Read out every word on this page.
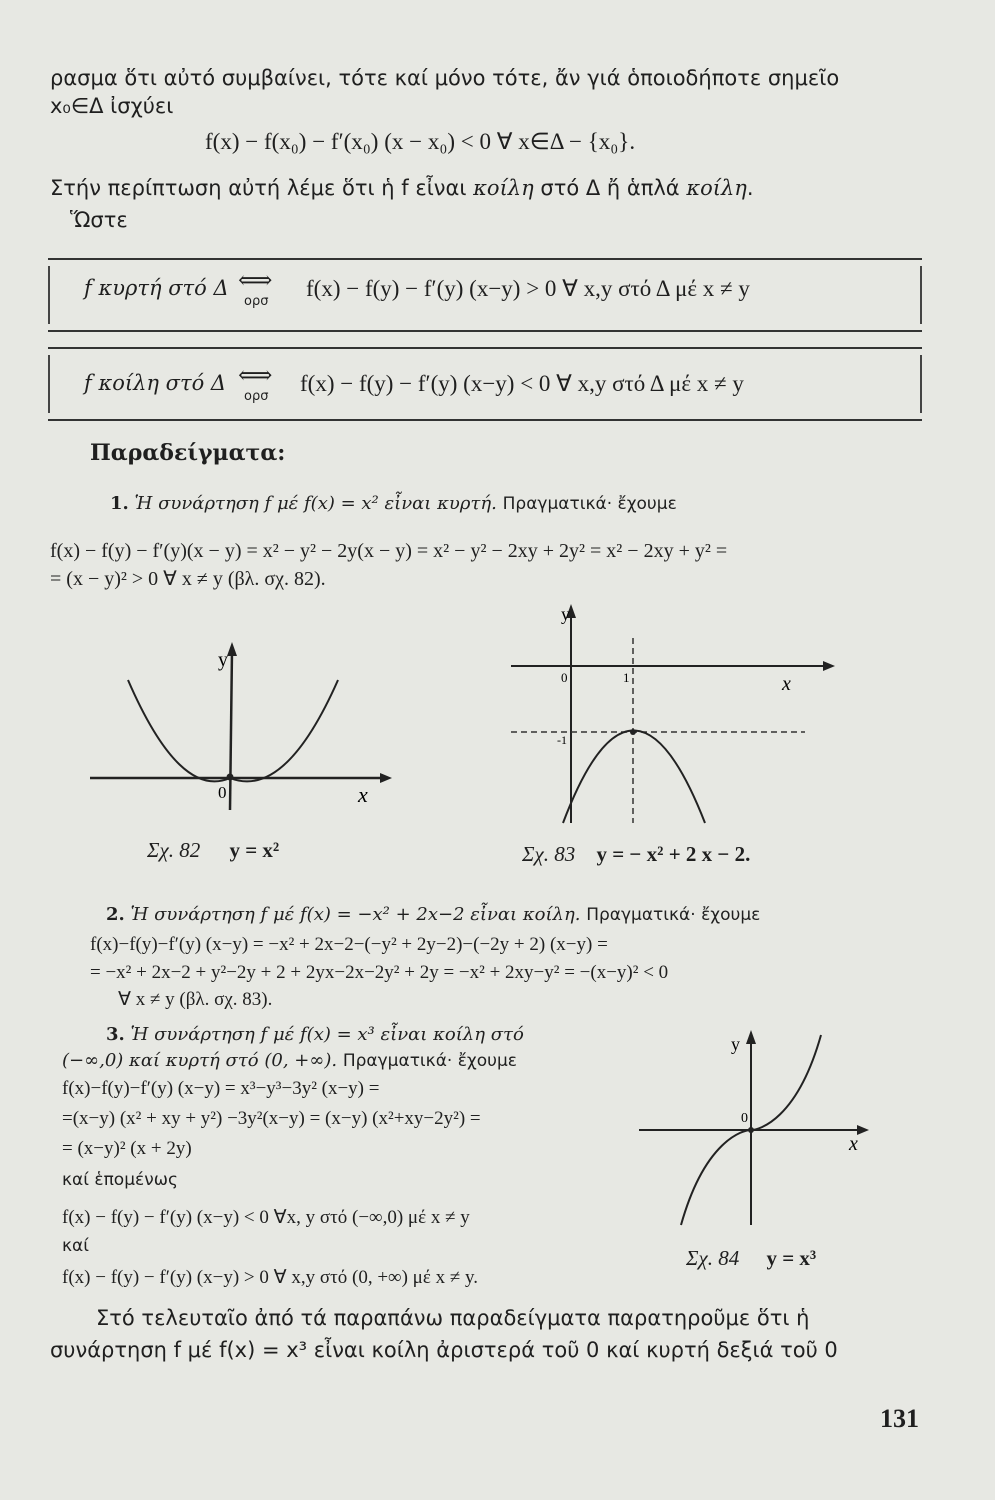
ρασμα ὅτι αὐτό συμβαίνει, τότε καί μόνο τότε, ἄν γιά ὁποιοδήποτε σημεῖο
x₀∈Δ ἰσχύει
f(x) − f(x₀) − f′(x₀) (x − x₀) < 0 ∀ x∈Δ − {x₀}.
Στήν περίπτωση αὐτή λέμε ὅτι ἡ f εἶναι κοίλη στό Δ ἤ ἁπλά κοίλη.
Ὥστε
f κυρτή στό Δ ⟺
ορσ
f(x) − f(y) − f′(y) (x−y) > 0 ∀ x,y στό Δ μέ x ≠ y
f κοίλη στό Δ ⟺
ορσ
f(x) − f(y) − f′(y) (x−y) < 0 ∀ x,y στό Δ μέ x ≠ y
Παραδείγματα:
1. Ἡ συνάρτηση f μέ f(x) = x² εἶναι κυρτή. Πραγματικά· ἔχουμε
f(x) − f(y) − f′(y)(x − y) = x² − y² − 2y(x − y) = x² − y² − 2xy + 2y² = x² − 2xy + y² =
= (x − y)² > 0 ∀ x ≠ y (βλ. σχ. 82).
y
0	x
Σχ. 82 y = x²
y
0	1
-1
x
Σχ. 83 y = − x² + 2 x − 2.
2. Ἡ συνάρτηση f μέ f(x) = −x² + 2x−2 εἶναι κοίλη. Πραγματικά· ἔχουμε
f(x)−f(y)−f′(y) (x−y) = −x² + 2x−2−(−y² + 2y−2)−(−2y + 2) (x−y) =
= −x² + 2x−2 + y²−2y + 2 + 2yx−2x−2y² + 2y = −x² + 2xy−y² = −(x−y)² < 0
∀ x ≠ y (βλ. σχ. 83).
3. Ἡ συνάρτηση f μέ f(x) = x³ εἶναι κοίλη στό
(−∞,0) καί κυρτή στό (0, +∞). Πραγματικά· ἔχουμε
f(x)−f(y)−f′(y) (x−y) = x³−y³−3y² (x−y) =
=(x−y) (x² + xy + y²) −3y²(x−y) = (x−y) (x²+xy−2y²) =
= (x−y)² (x + 2y)
καί ἑπομένως
f(x) − f(y) − f′(y) (x−y) < 0 ∀x, y στό (−∞,0) μέ x ≠ y
καί
f(x) − f(y) − f′(y) (x−y) > 0 ∀ x,y στό (0, +∞) μέ x ≠ y.
y
0
x
Σχ. 84 y = x³
Στό τελευταῖο ἀπό τά παραπάνω παραδείγματα παρατηροῦμε ὅτι ἡ
συνάρτηση f μέ f(x) = x³ εἶναι κοίλη ἀριστερά τοῦ 0 καί κυρτή δεξιά τοῦ 0
131
